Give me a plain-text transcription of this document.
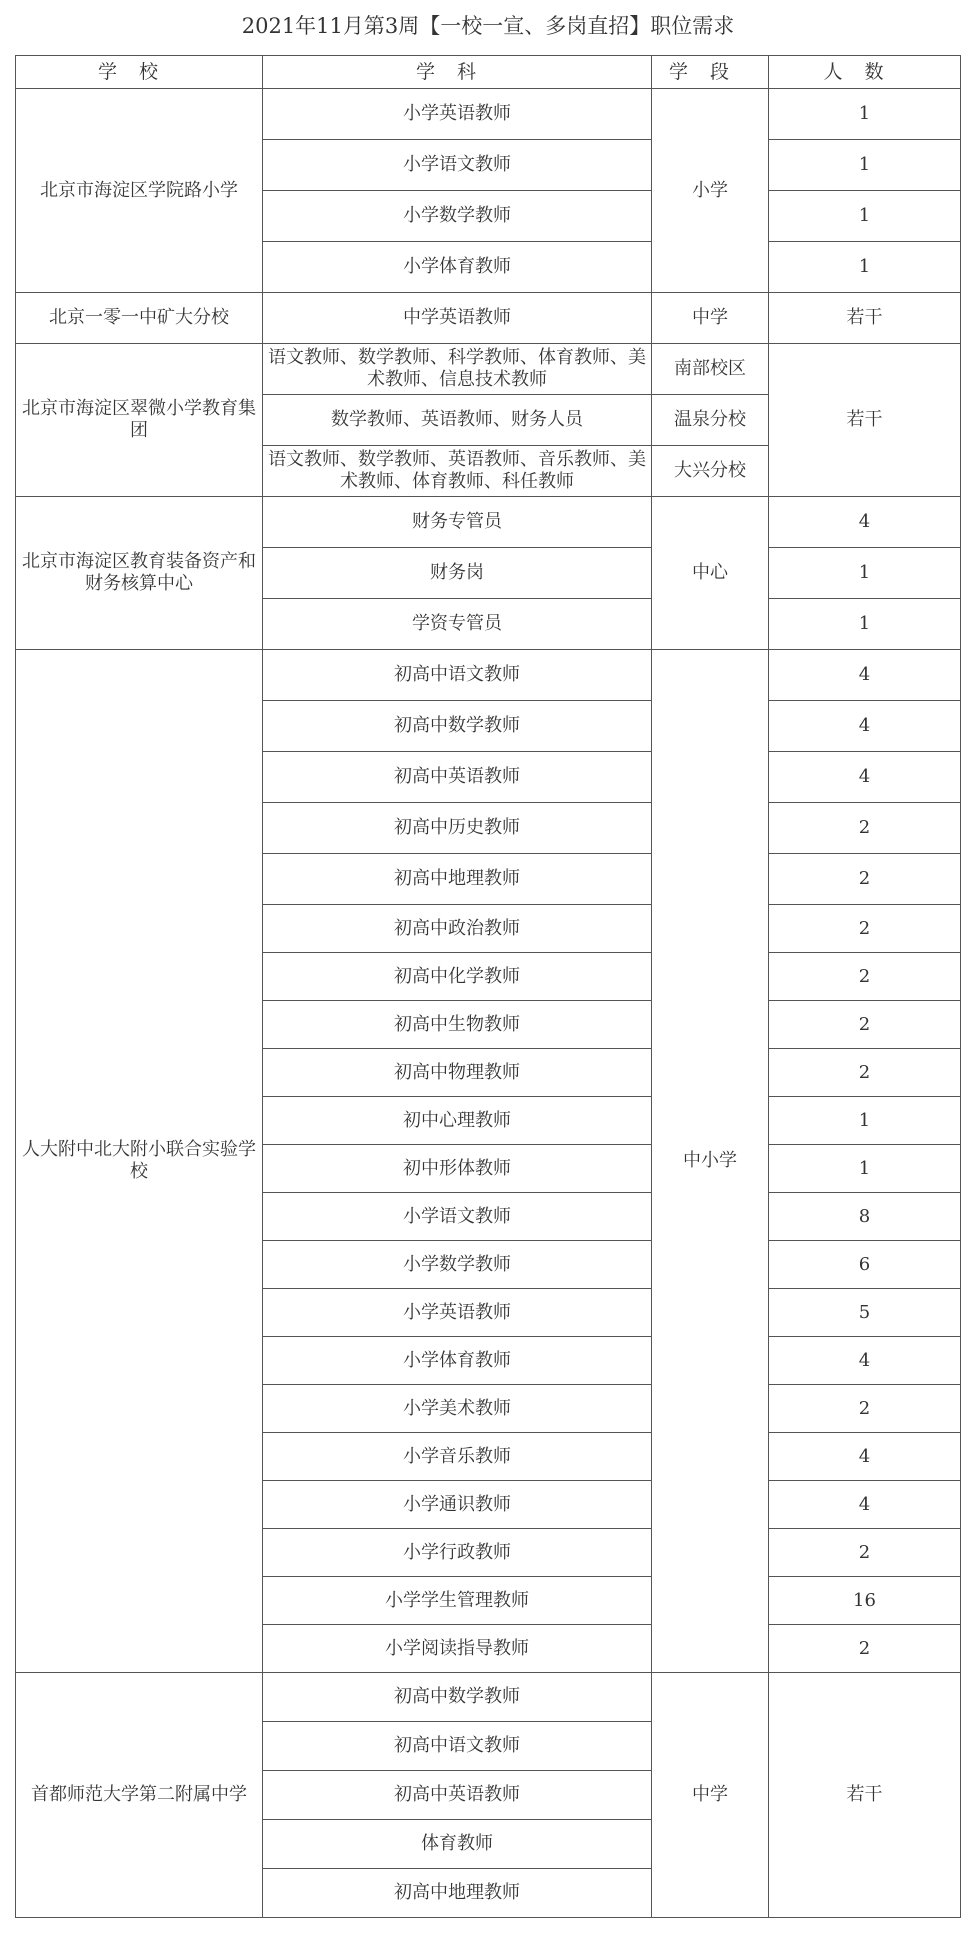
2021年11月第3周【一校一宣、多岗直招】职位需求
学校	学科	学段	人数
北京市海淀区学院路小学	小学英语教师	小学	1
	小学语文教师		1
	小学数学教师		1
	小学体育教师		1
北京一零一中矿大分校	中学英语教师	中学	若干
北京市海淀区翠微小学教育集团	语文教师、数学教师、科学教师、体育教师、美术教师、信息技术教师	南部校区	若干
	数学教师、英语教师、财务人员	温泉分校	
	语文教师、数学教师、英语教师、音乐教师、美术教师、体育教师、科任教师	大兴分校	
北京市海淀区教育装备资产和财务核算中心	财务专管员	中心	4
	财务岗		1
	学资专管员		1
人大附中北大附小联合实验学校	初高中语文教师	中小学	4
	初高中数学教师		4
	初高中英语教师		4
	初高中历史教师		2
	初高中地理教师		2
	初高中政治教师		2
	初高中化学教师		2
	初高中生物教师		2
	初高中物理教师		2
	初中心理教师		1
	初中形体教师		1
	小学语文教师		8
	小学数学教师		6
	小学英语教师		5
	小学体育教师		4
	小学美术教师		2
	小学音乐教师		4
	小学通识教师		4
	小学行政教师		2
	小学学生管理教师		16
	小学阅读指导教师		2
首都师范大学第二附属中学	初高中数学教师	中学	若干
	初高中语文教师		
	初高中英语教师		
	体育教师		
	初高中地理教师		
